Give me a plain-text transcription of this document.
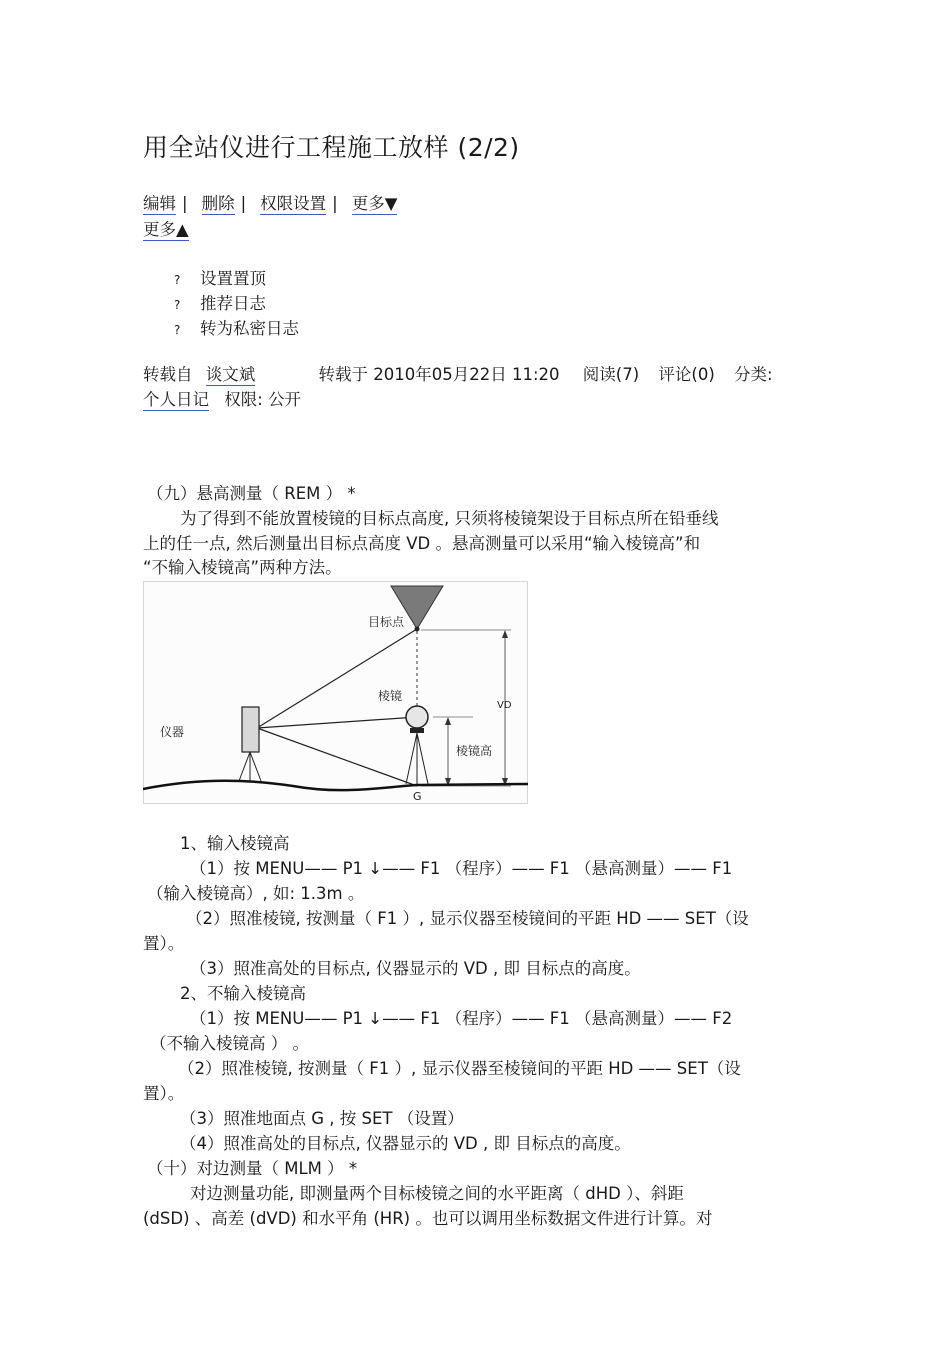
用全站仪进行工程施工放样 (2/2)
编辑 | 删除 | 权限设置 | 更多▼
更多▲
? 设置置顶
? 推荐日志
? 转为私密日志
转载自 谈文斌	转载于 2010年05月22日 11:20 阅读(7) 评论(0) 分类:
个人日记 权限: 公开
（九）悬高测量（ REM ） *
为了得到不能放置棱镜的目标点高度, 只须将棱镜架设于目标点所在铅垂线
上的任一点, 然后测量出目标点高度 VD 。悬高测量可以采用“输入棱镜高”和
“不输入棱镜高”两种方法。
目标点
棱镜
仪器
VD
棱镜高
G
1、输入棱镜高
（1）按 MENU—— P1 ↓—— F1 （程序）—— F1 （悬高测量）—— F1
（输入棱镜高）, 如: 1.3m 。
（2）照准棱镜, 按测量（ F1 ）, 显示仪器至棱镜间的平距 HD —— SET（设
置）。
（3）照准高处的目标点, 仪器显示的 VD , 即 目标点的高度。
2、不输入棱镜高
（1）按 MENU—— P1 ↓—— F1 （程序）—— F1 （悬高测量）—— F2
（不输入棱镜高 ） 。
（2）照准棱镜, 按测量（ F1 ）, 显示仪器至棱镜间的平距 HD —— SET（设
置）。
（3）照准地面点 G , 按 SET （设置）
（4）照准高处的目标点, 仪器显示的 VD , 即 目标点的高度。
（十）对边测量（ MLM ） *
对边测量功能, 即测量两个目标棱镜之间的水平距离（ dHD ）、斜距
(dSD) 、高差 (dVD) 和水平角 (HR) 。也可以调用坐标数据文件进行计算。对
